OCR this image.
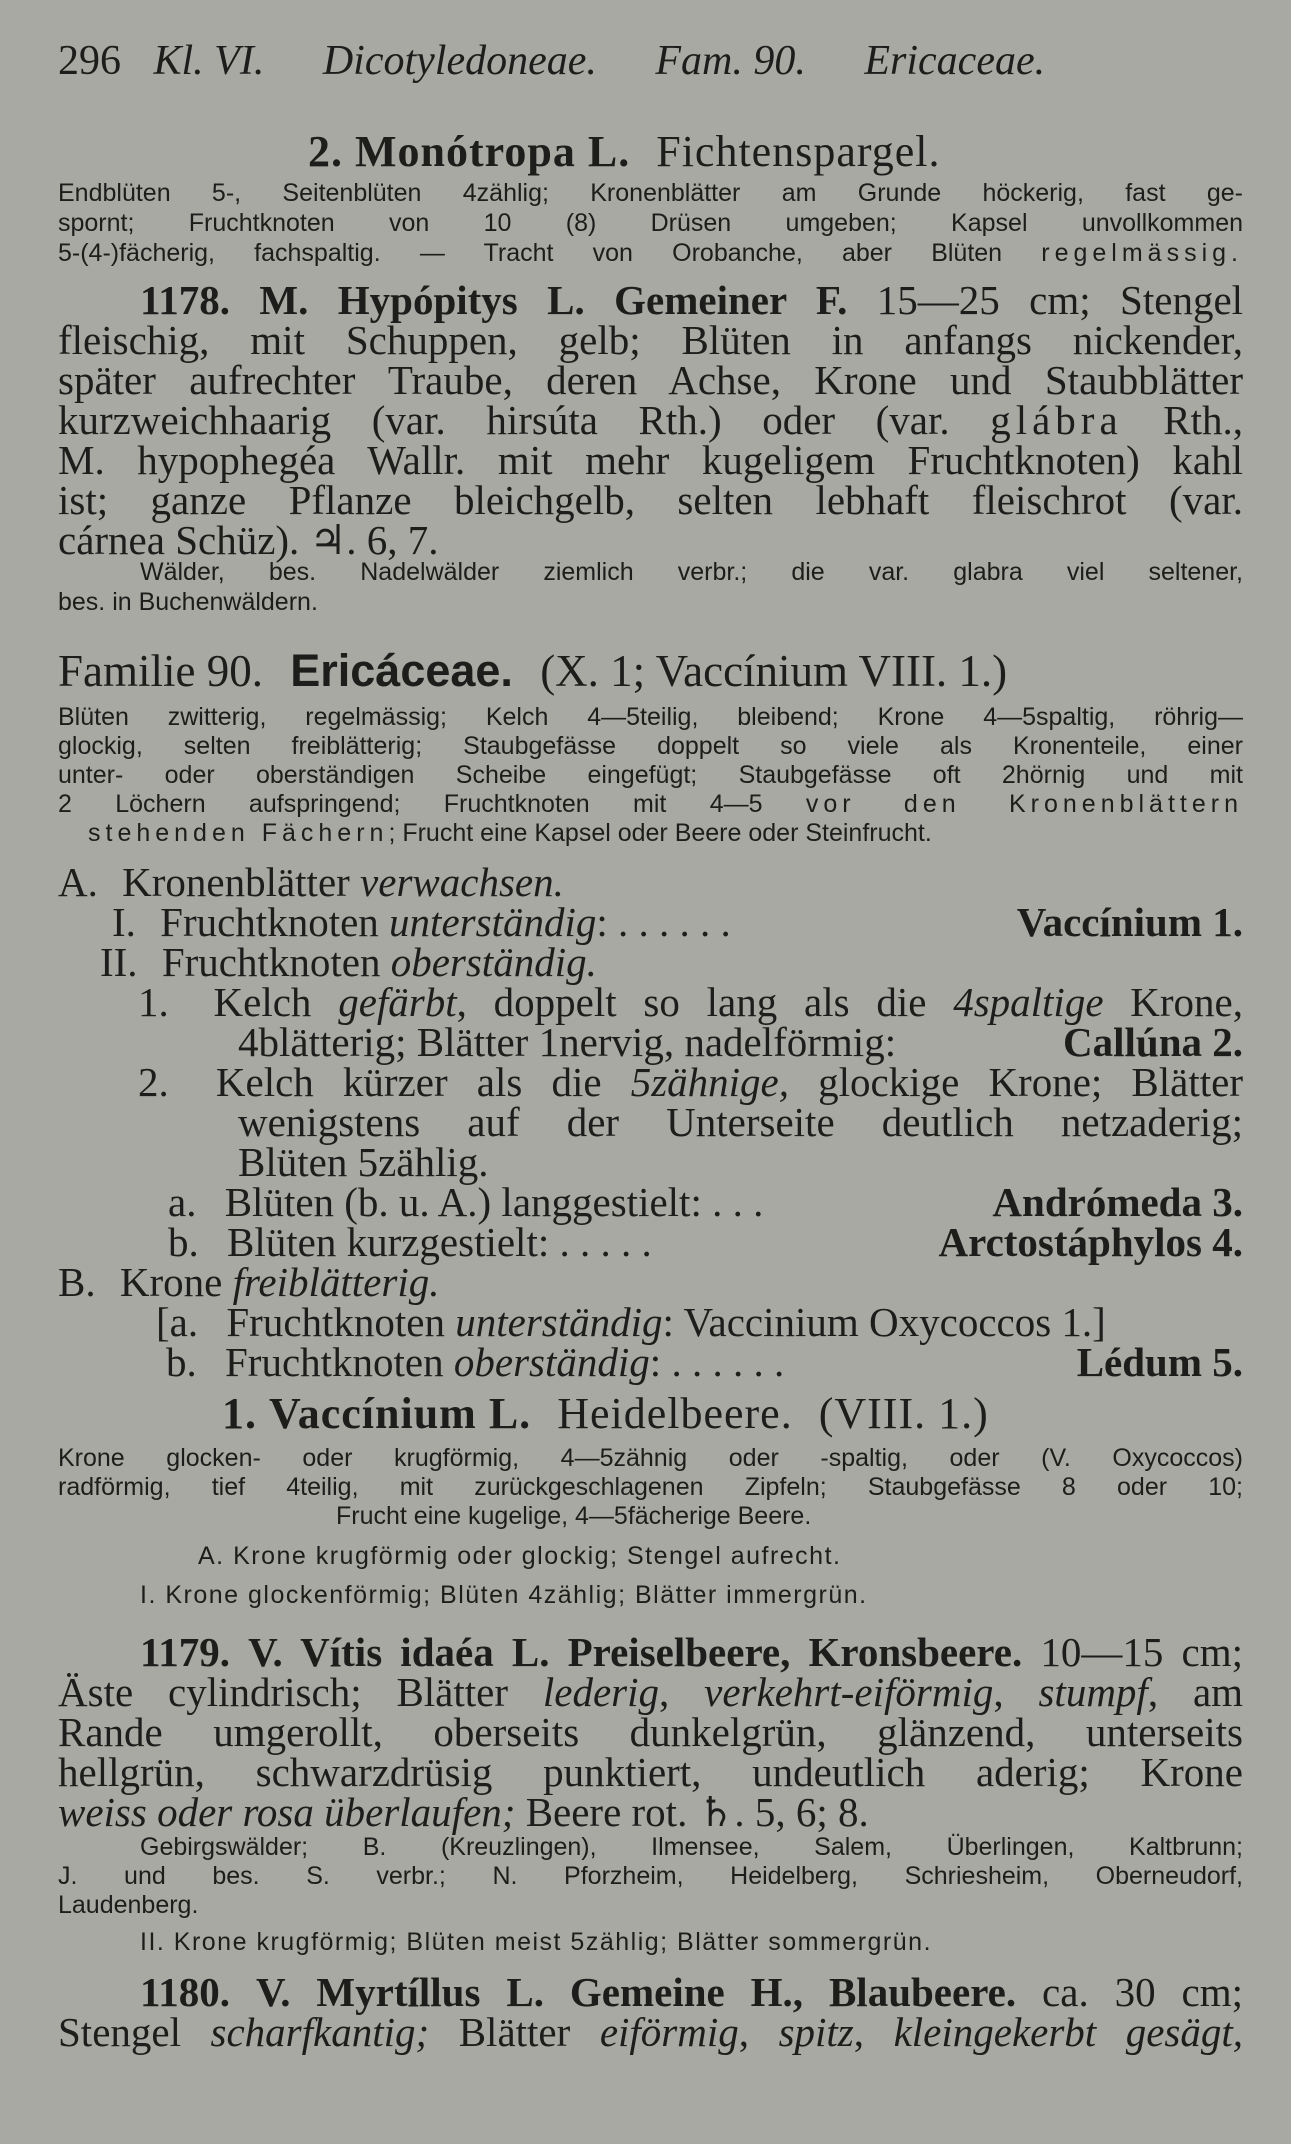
296 Kl. VI. Dicotyledoneae. Fam. 90. Ericaceae.
2. Monótropa L. Fichtenspargel.
Endblüten 5-, Seitenblüten 4zählig; Kronenblätter am Grunde höckerig, fast ge-
spornt; Fruchtknoten von 10 (8) Drüsen umgeben; Kapsel unvollkommen
5-(4-)fächerig, fachspaltig. — Tracht von Orobanche, aber Blüten regelmässig.
1178. M. Hypópitys L. Gemeiner F. 15—25 cm; Stengel
fleischig, mit Schuppen, gelb; Blüten in anfangs nickender,
später aufrechter Traube, deren Achse, Krone und Staubblätter
kurzweichhaarig (var. hirsúta Rth.) oder (var. glábra Rth.,
M. hypophegéa Wallr. mit mehr kugeligem Fruchtknoten) kahl
ist; ganze Pflanze bleichgelb, selten lebhaft fleischrot (var.
cárnea Schüz). ♃. 6, 7.
Wälder, bes. Nadelwälder ziemlich verbr.; die var. glabra viel seltener,
bes. in Buchenwäldern.
Familie 90. Ericáceae. (X. 1; Vaccínium VIII. 1.)
Blüten zwitterig, regelmässig; Kelch 4—5teilig, bleibend; Krone 4—5spaltig, röhrig—
glockig, selten freiblätterig; Staubgefässe doppelt so viele als Kronenteile, einer
unter- oder oberständigen Scheibe eingefügt; Staubgefässe oft 2hörnig und mit
2 Löchern aufspringend; Fruchtknoten mit 4—5 vor den Kronenblättern
stehenden Fächern; Frucht eine Kapsel oder Beere oder Steinfrucht.
A. Kronenblätter verwachsen.
I. Fruchtknoten unterständig: . . . . . .	Vaccínium 1.
II. Fruchtknoten oberständig.
1. Kelch gefärbt, doppelt so lang als die 4spaltige Krone,
4blätterig; Blätter 1nervig, nadelförmig:	Callúna 2.
2. Kelch kürzer als die 5zähnige, glockige Krone; Blätter
wenigstens auf der Unterseite deutlich netzaderig;
Blüten 5zählig.
a. Blüten (b. u. A.) langgestielt: . . .	Andrómeda 3.
b. Blüten kurzgestielt: . . . . .	Arctostáphylos 4.
B. Krone freiblätterig.
[a. Fruchtknoten unterständig: Vaccinium Oxycoccos 1.]
b. Fruchtknoten oberständig: . . . . . .	Lédum 5.
1. Vaccínium L. Heidelbeere. (VIII. 1.)
Krone glocken- oder krugförmig, 4—5zähnig oder -spaltig, oder (V. Oxycoccos)
radförmig, tief 4teilig, mit zurückgeschlagenen Zipfeln; Staubgefässe 8 oder 10;
Frucht eine kugelige, 4—5fächerige Beere.
A. Krone krugförmig oder glockig; Stengel aufrecht.
I. Krone glockenförmig; Blüten 4zählig; Blätter immergrün.
1179. V. Vítis idaéa L. Preiselbeere, Kronsbeere. 10—15 cm;
Äste cylindrisch; Blätter lederig, verkehrt-eiförmig, stumpf, am
Rande umgerollt, oberseits dunkelgrün, glänzend, unterseits
hellgrün, schwarzdrüsig punktiert, undeutlich aderig; Krone
weiss oder rosa überlaufen; Beere rot. ♄. 5, 6; 8.
Gebirgswälder; B. (Kreuzlingen), Ilmensee, Salem, Überlingen, Kaltbrunn;
J. und bes. S. verbr.; N. Pforzheim, Heidelberg, Schriesheim, Oberneudorf,
Laudenberg.
II. Krone krugförmig; Blüten meist 5zählig; Blätter sommergrün.
1180. V. Myrtíllus L. Gemeine H., Blaubeere. ca. 30 cm;
Stengel scharfkantig; Blätter eiförmig, spitz, kleingekerbt gesägt,
